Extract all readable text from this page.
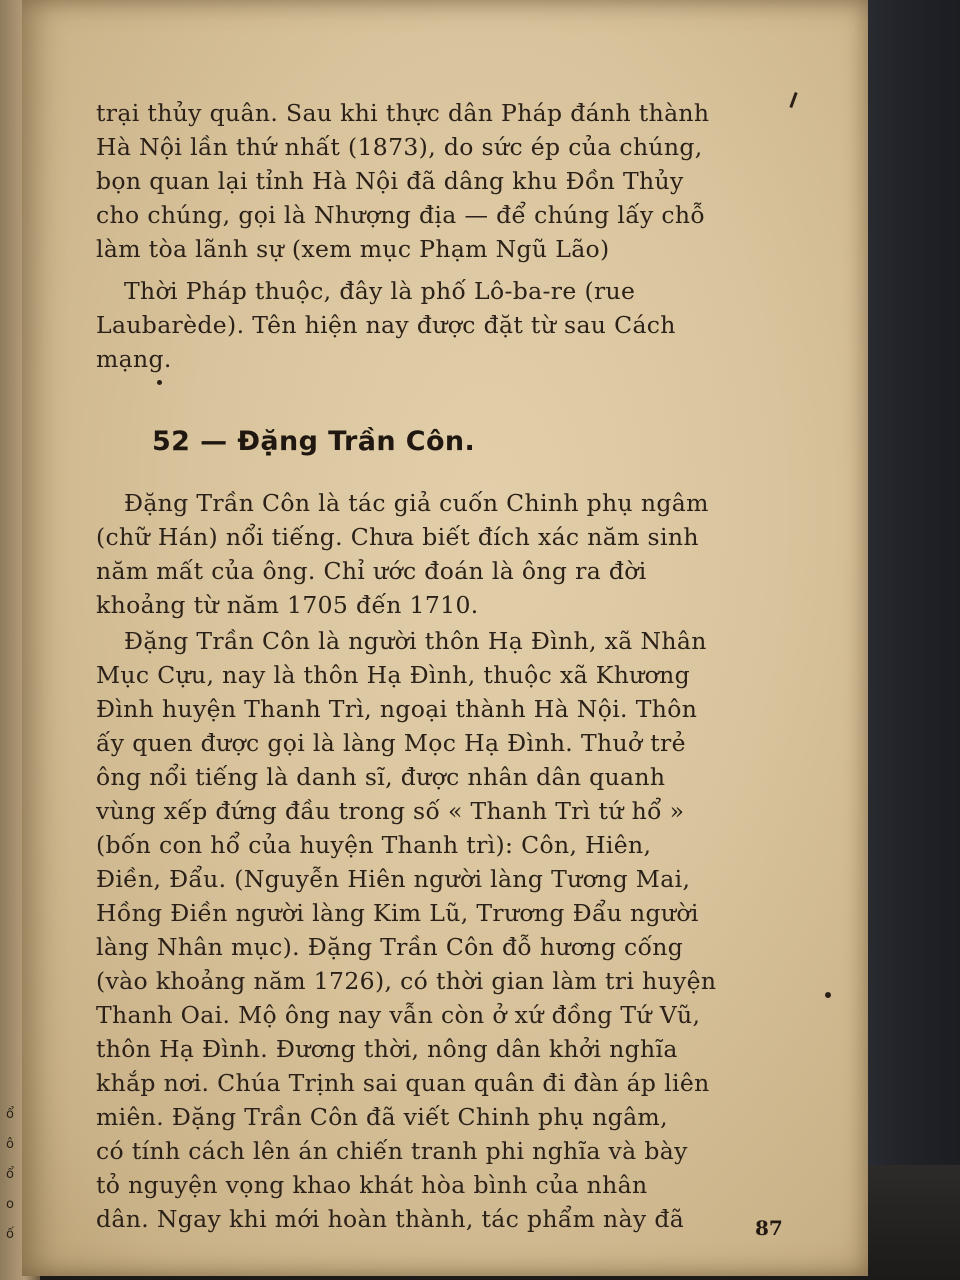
ổ
ô
ổ
o
ố
trại thủy quân. Sau khi thực dân Pháp đánh thành
Hà Nội lần thứ nhất (1873), do sức ép của chúng,
bọn quan lại tỉnh Hà Nội đã dâng khu Đồn Thủy
cho chúng, gọi là Nhượng địa — để chúng lấy chỗ
làm tòa lãnh sự (xem mục Phạm Ngũ Lão)
Thời Pháp thuộc, đây là phố Lô-ba-re (rue
Laubarède). Tên hiện nay được đặt từ sau Cách
mạng.
52 — Đặng Trần Côn.
Đặng Trần Côn là tác giả cuốn Chinh phụ ngâm
(chữ Hán) nổi tiếng. Chưa biết đích xác năm sinh
năm mất của ông. Chỉ ước đoán là ông ra đời
khoảng từ năm 1705 đến 1710.
Đặng Trần Côn là người thôn Hạ Đình, xã Nhân
Mục Cựu, nay là thôn Hạ Đình, thuộc xã Khương
Đình huyện Thanh Trì, ngoại thành Hà Nội. Thôn
ấy quen được gọi là làng Mọc Hạ Đình. Thuở trẻ
ông nổi tiếng là danh sĩ, được nhân dân quanh
vùng xếp đứng đầu trong số « Thanh Trì tứ hổ »
(bốn con hổ của huyện Thanh trì): Côn, Hiên,
Điền, Đẩu. (Nguyễn Hiên người làng Tương Mai,
Hồng Điền người làng Kim Lũ, Trương Đẩu người
làng Nhân mục). Đặng Trần Côn đỗ hương cống
(vào khoảng năm 1726), có thời gian làm tri huyện
Thanh Oai. Mộ ông nay vẫn còn ở xứ đồng Tứ Vũ,
thôn Hạ Đình. Đương thời, nông dân khởi nghĩa
khắp nơi. Chúa Trịnh sai quan quân đi đàn áp liên
miên. Đặng Trần Côn đã viết Chinh phụ ngâm,
có tính cách lên án chiến tranh phi nghĩa và bày
tỏ nguyện vọng khao khát hòa bình của nhân
dân. Ngay khi mới hoàn thành, tác phẩm này đã	87
